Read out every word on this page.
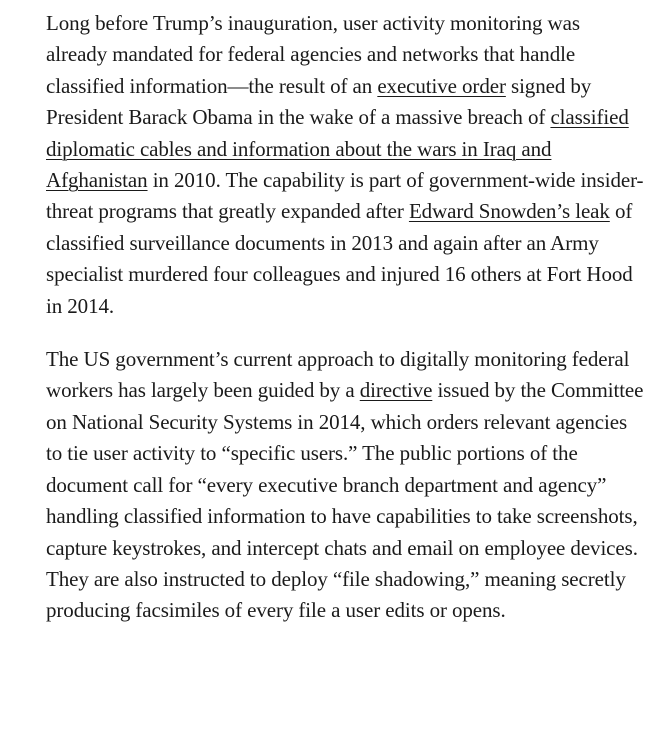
Long before Trump’s inauguration, user activity monitoring was already mandated for federal agencies and networks that handle classified information—the result of an executive order signed by President Barack Obama in the wake of a massive breach of classified diplomatic cables and information about the wars in Iraq and Afghanistan in 2010. The capability is part of government-wide insider-threat programs that greatly expanded after Edward Snowden’s leak of classified surveillance documents in 2013 and again after an Army specialist murdered four colleagues and injured 16 others at Fort Hood in 2014.

The US government’s current approach to digitally monitoring federal workers has largely been guided by a directive issued by the Committee on National Security Systems in 2014, which orders relevant agencies to tie user activity to “specific users.” The public portions of the document call for “every executive branch department and agency” handling classified information to have capabilities to take screenshots, capture keystrokes, and intercept chats and email on employee devices. They are also instructed to deploy “file shadowing,” meaning secretly producing facsimiles of every file a user edits or opens.
